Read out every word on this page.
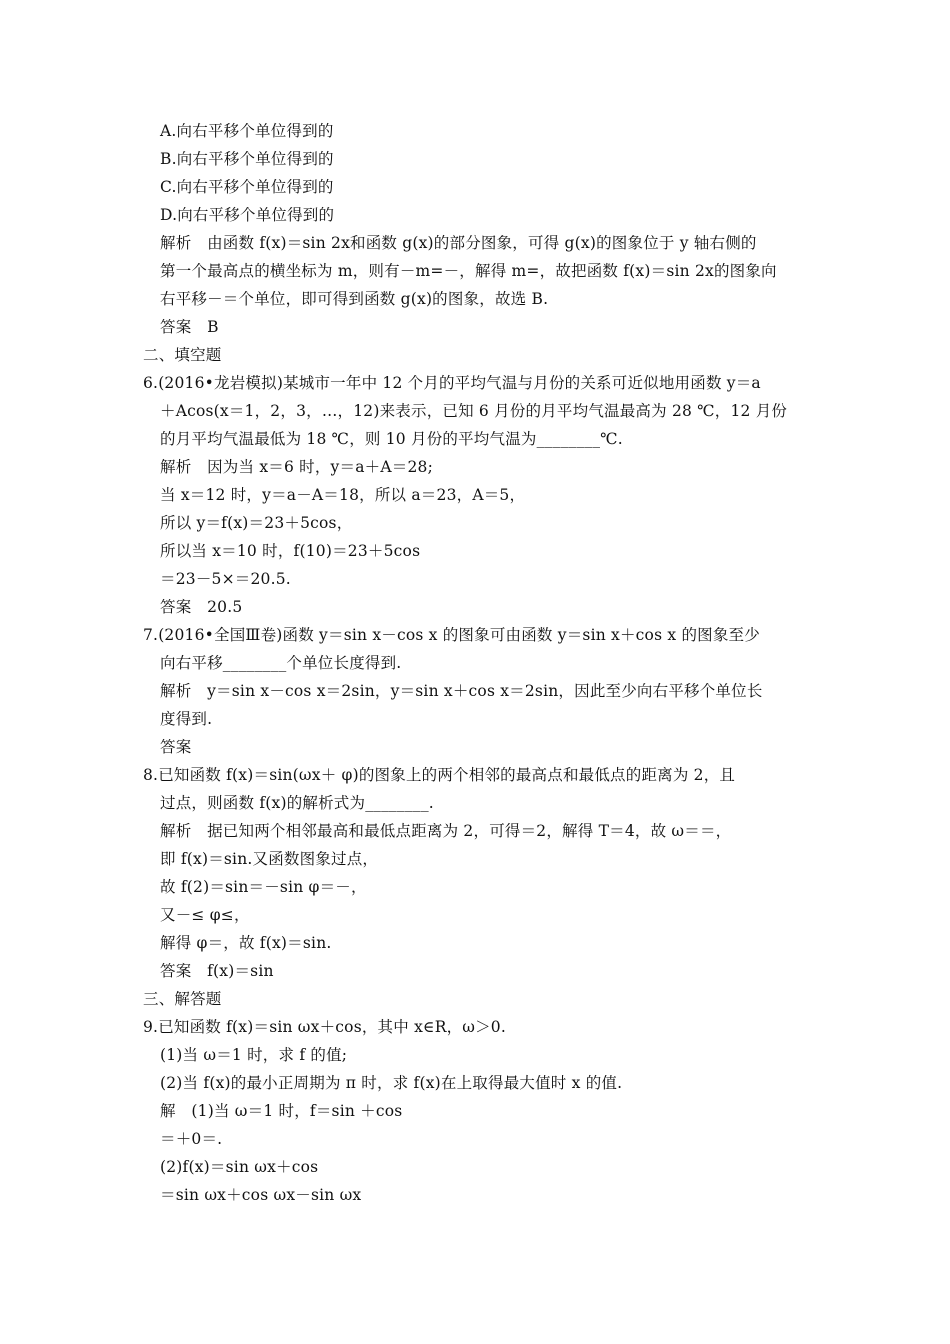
A.向右平移个单位得到的
B.向右平移个单位得到的
C.向右平移个单位得到的
D.向右平移个单位得到的
解析　由函数 f(x)＝sin 2x和函数 g(x)的部分图象，可得 g(x)的图象位于 y 轴右侧的
第一个最高点的横坐标为 m，则有－m=－，解得 m=，故把函数 f(x)＝sin 2x的图象向
右平移－＝个单位，即可得到函数 g(x)的图象，故选 B.
答案　B
二、填空题
6.(2016•龙岩模拟)某城市一年中 12 个月的平均气温与月份的关系可近似地用函数 y＝a
＋Acos(x＝1，2，3，…，12)来表示，已知 6 月份的月平均气温最高为 28 ℃，12 月份
的月平均气温最低为 18 ℃，则 10 月份的平均气温为________℃.
解析　因为当 x＝6 时，y＝a＋A＝28;
当 x＝12 时，y＝a－A＝18，所以 a＝23，A＝5，
所以 y＝f(x)＝23＋5cos，
所以当 x＝10 时，f(10)＝23＋5cos
＝23－5×＝20.5.
答案　20.5
7.(2016•全国Ⅲ卷)函数 y＝sin x－cos x 的图象可由函数 y＝sin x＋cos x 的图象至少
向右平移________个单位长度得到.
解析　y＝sin x－cos x＝2sin，y＝sin x＋cos x＝2sin，因此至少向右平移个单位长
度得到.
答案
8.已知函数 f(x)＝sin(ωx＋ φ)的图象上的两个相邻的最高点和最低点的距离为 2，且
过点，则函数 f(x)的解析式为________.
解析　据已知两个相邻最高和最低点距离为 2，可得＝2，解得 T＝4，故 ω＝＝，
即 f(x)＝sin.又函数图象过点，
故 f(2)＝sin＝－sin φ＝－，
又－≤ φ≤，
解得 φ＝，故 f(x)＝sin.
答案　f(x)＝sin
三、解答题
9.已知函数 f(x)＝sin ωx＋cos，其中 x∈R，ω＞0.
(1)当 ω＝1 时，求 f 的值;
(2)当 f(x)的最小正周期为 π 时，求 f(x)在上取得最大值时 x 的值.
解　(1)当 ω＝1 时，f＝sin ＋cos
＝＋0＝.
(2)f(x)＝sin ωx＋cos
＝sin ωx＋cos ωx－sin ωx
